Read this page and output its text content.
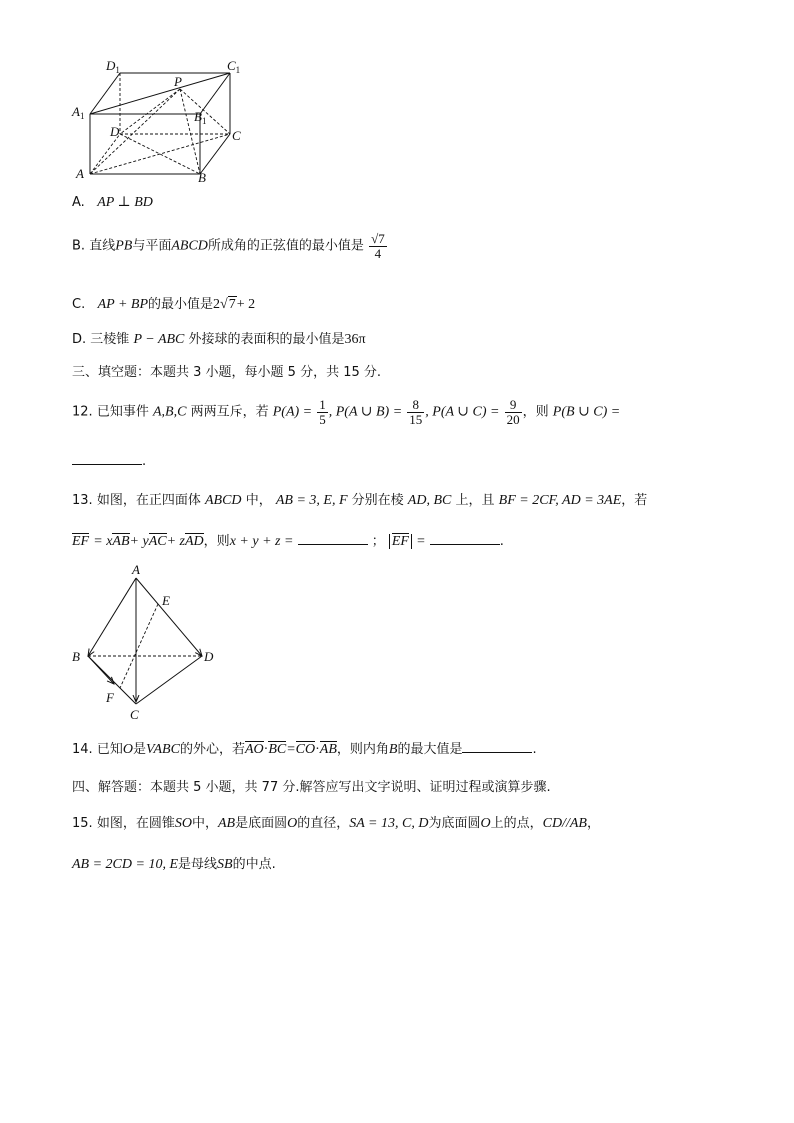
$D_1$	$C_1$
$A_1$
P
$B_1$
D	C
A	B
A. AP ⊥ BD
B. 直线PB与平面ABCD所成角的正弦值的最小值是 $\frac{√7}{4}$
C. AP + BP的最小值是2√7+ 2
D. 三棱锥 P − ABC 外接球的表面积的最小值是36π
三、填空题：本题共 3 小题，每小题 5 分，共 15 分.
12. 已知事件 A,B,C 两两互斥，若 $P(A) = \frac{1}{5}$ , P(A ∪ $B) = \frac{8}{15}$ , P(A ∪ $C) = \frac{9}{20}$ ，则 P(B ∪ C) =
.
13. 如图，在正四面体 ABCD 中， AB = 3, E, F 分别在棱 AD, BC 上，且 BF = 2CF, AD = 3AE，若
EF = xAB+ yAC+ zAD，则x + y + z =	； EF =	.
A
E
B	D
F
C
14. 已知O是VABC的外心，若AO·BC=CO·AB，则内角B的最大值是	.
四、解答题：本题共 5 小题，共 77 分.解答应写出文字说明、证明过程或演算步骤.
15. 如图，在圆锥SO中，AB是底面圆O的直径，SA = 13, C, D为底面圆O上的点，CD//AB，
AB = 2CD = 10, E是母线SB的中点.
